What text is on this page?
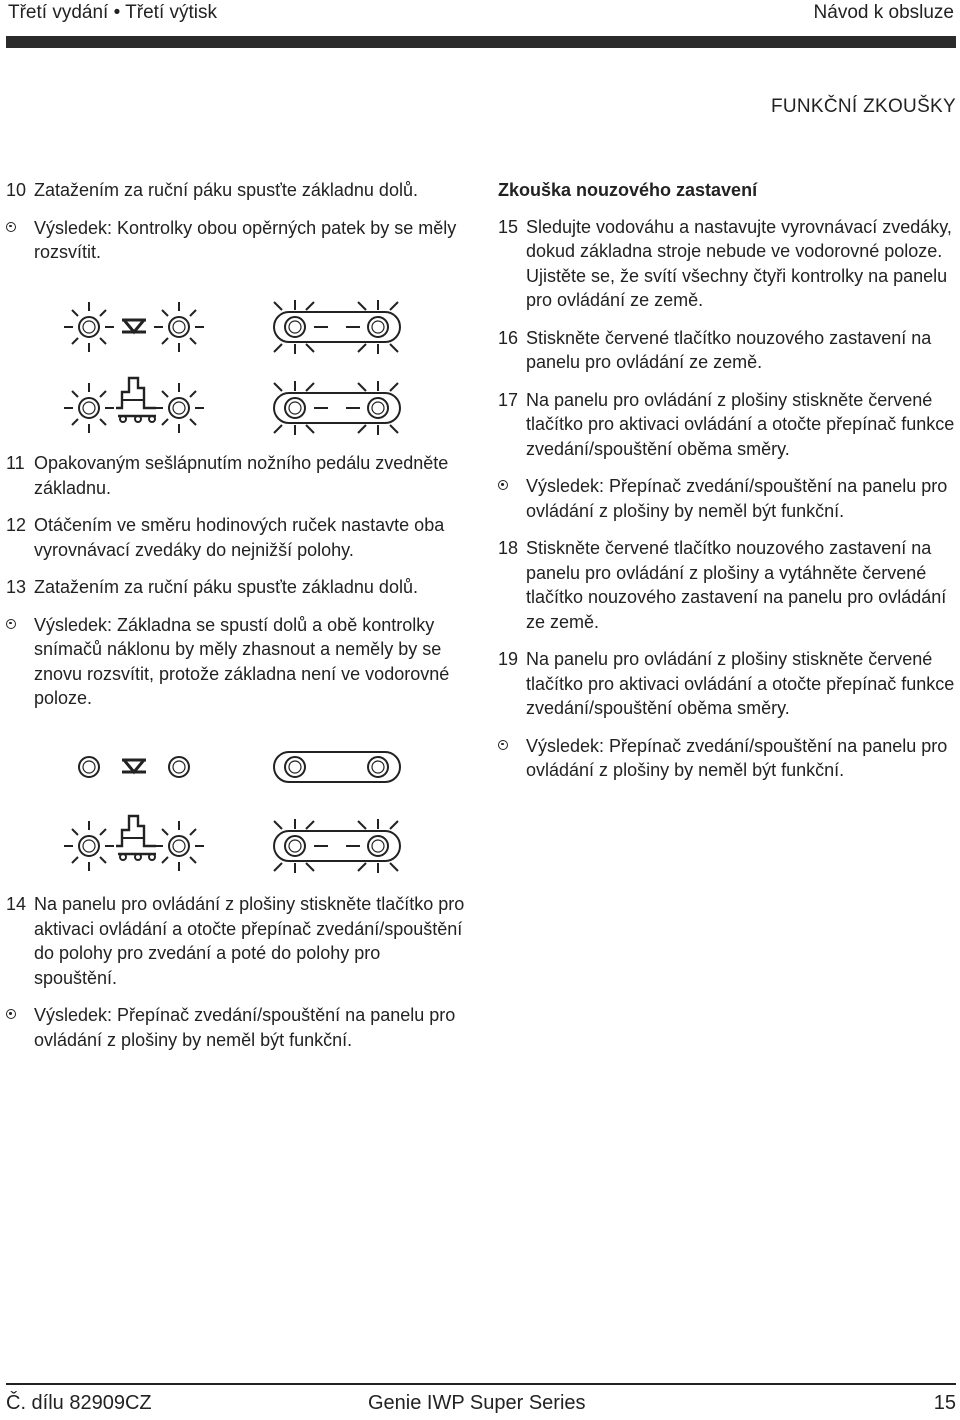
Třetí vydání • Třetí výtisk	Návod k obsluze
FUNKČNÍ ZKOUŠKY
10 Zatažením za ruční páku spusťte základnu dolů.
Výsledek: Kontrolky obou opěrných patek by se měly rozsvítit.
11 Opakovaným sešlápnutím nožního pedálu zvedněte základnu.
12 Otáčením ve směru hodinových ruček nastavte oba vyrovnávací zvedáky do nejnižší polohy.
13 Zatažením za ruční páku spusťte základnu dolů.
Výsledek: Základna se spustí dolů a obě kontrolky snímačů náklonu by měly zhasnout a neměly by se znovu rozsvítit, protože základna není ve vodorovné poloze.
14 Na panelu pro ovládání z plošiny stiskněte tlačítko pro aktivaci ovládání a otočte přepínač zvedání/spouštění do polohy pro zvedání a poté do polohy pro spouštění.
Výsledek: Přepínač zvedání/spouštění na panelu pro ovládání z plošiny by neměl být funkční.
Zkouška nouzového zastavení
15 Sledujte vodováhu a nastavujte vyrovnávací zvedáky, dokud základna stroje nebude ve vodorovné poloze. Ujistěte se, že svítí všechny čtyři kontrolky na panelu pro ovládání ze země.
16 Stiskněte červené tlačítko nouzového zastavení na panelu pro ovládání ze země.
17 Na panelu pro ovládání z plošiny stiskněte červené tlačítko pro aktivaci ovládání a otočte přepínač funkce zvedání/spouštění oběma směry.
Výsledek: Přepínač zvedání/spouštění na panelu pro ovládání z plošiny by neměl být funkční.
18 Stiskněte červené tlačítko nouzového zastavení na panelu pro ovládání z plošiny a vytáhněte červené tlačítko nouzového zastavení na panelu pro ovládání ze země.
19 Na panelu pro ovládání z plošiny stiskněte červené tlačítko pro aktivaci ovládání a otočte přepínač funkce zvedání/spouštění oběma směry.
Výsledek: Přepínač zvedání/spouštění na panelu pro ovládání z plošiny by neměl být funkční.
Č. dílu 82909CZ	Genie IWP Super Series	15
